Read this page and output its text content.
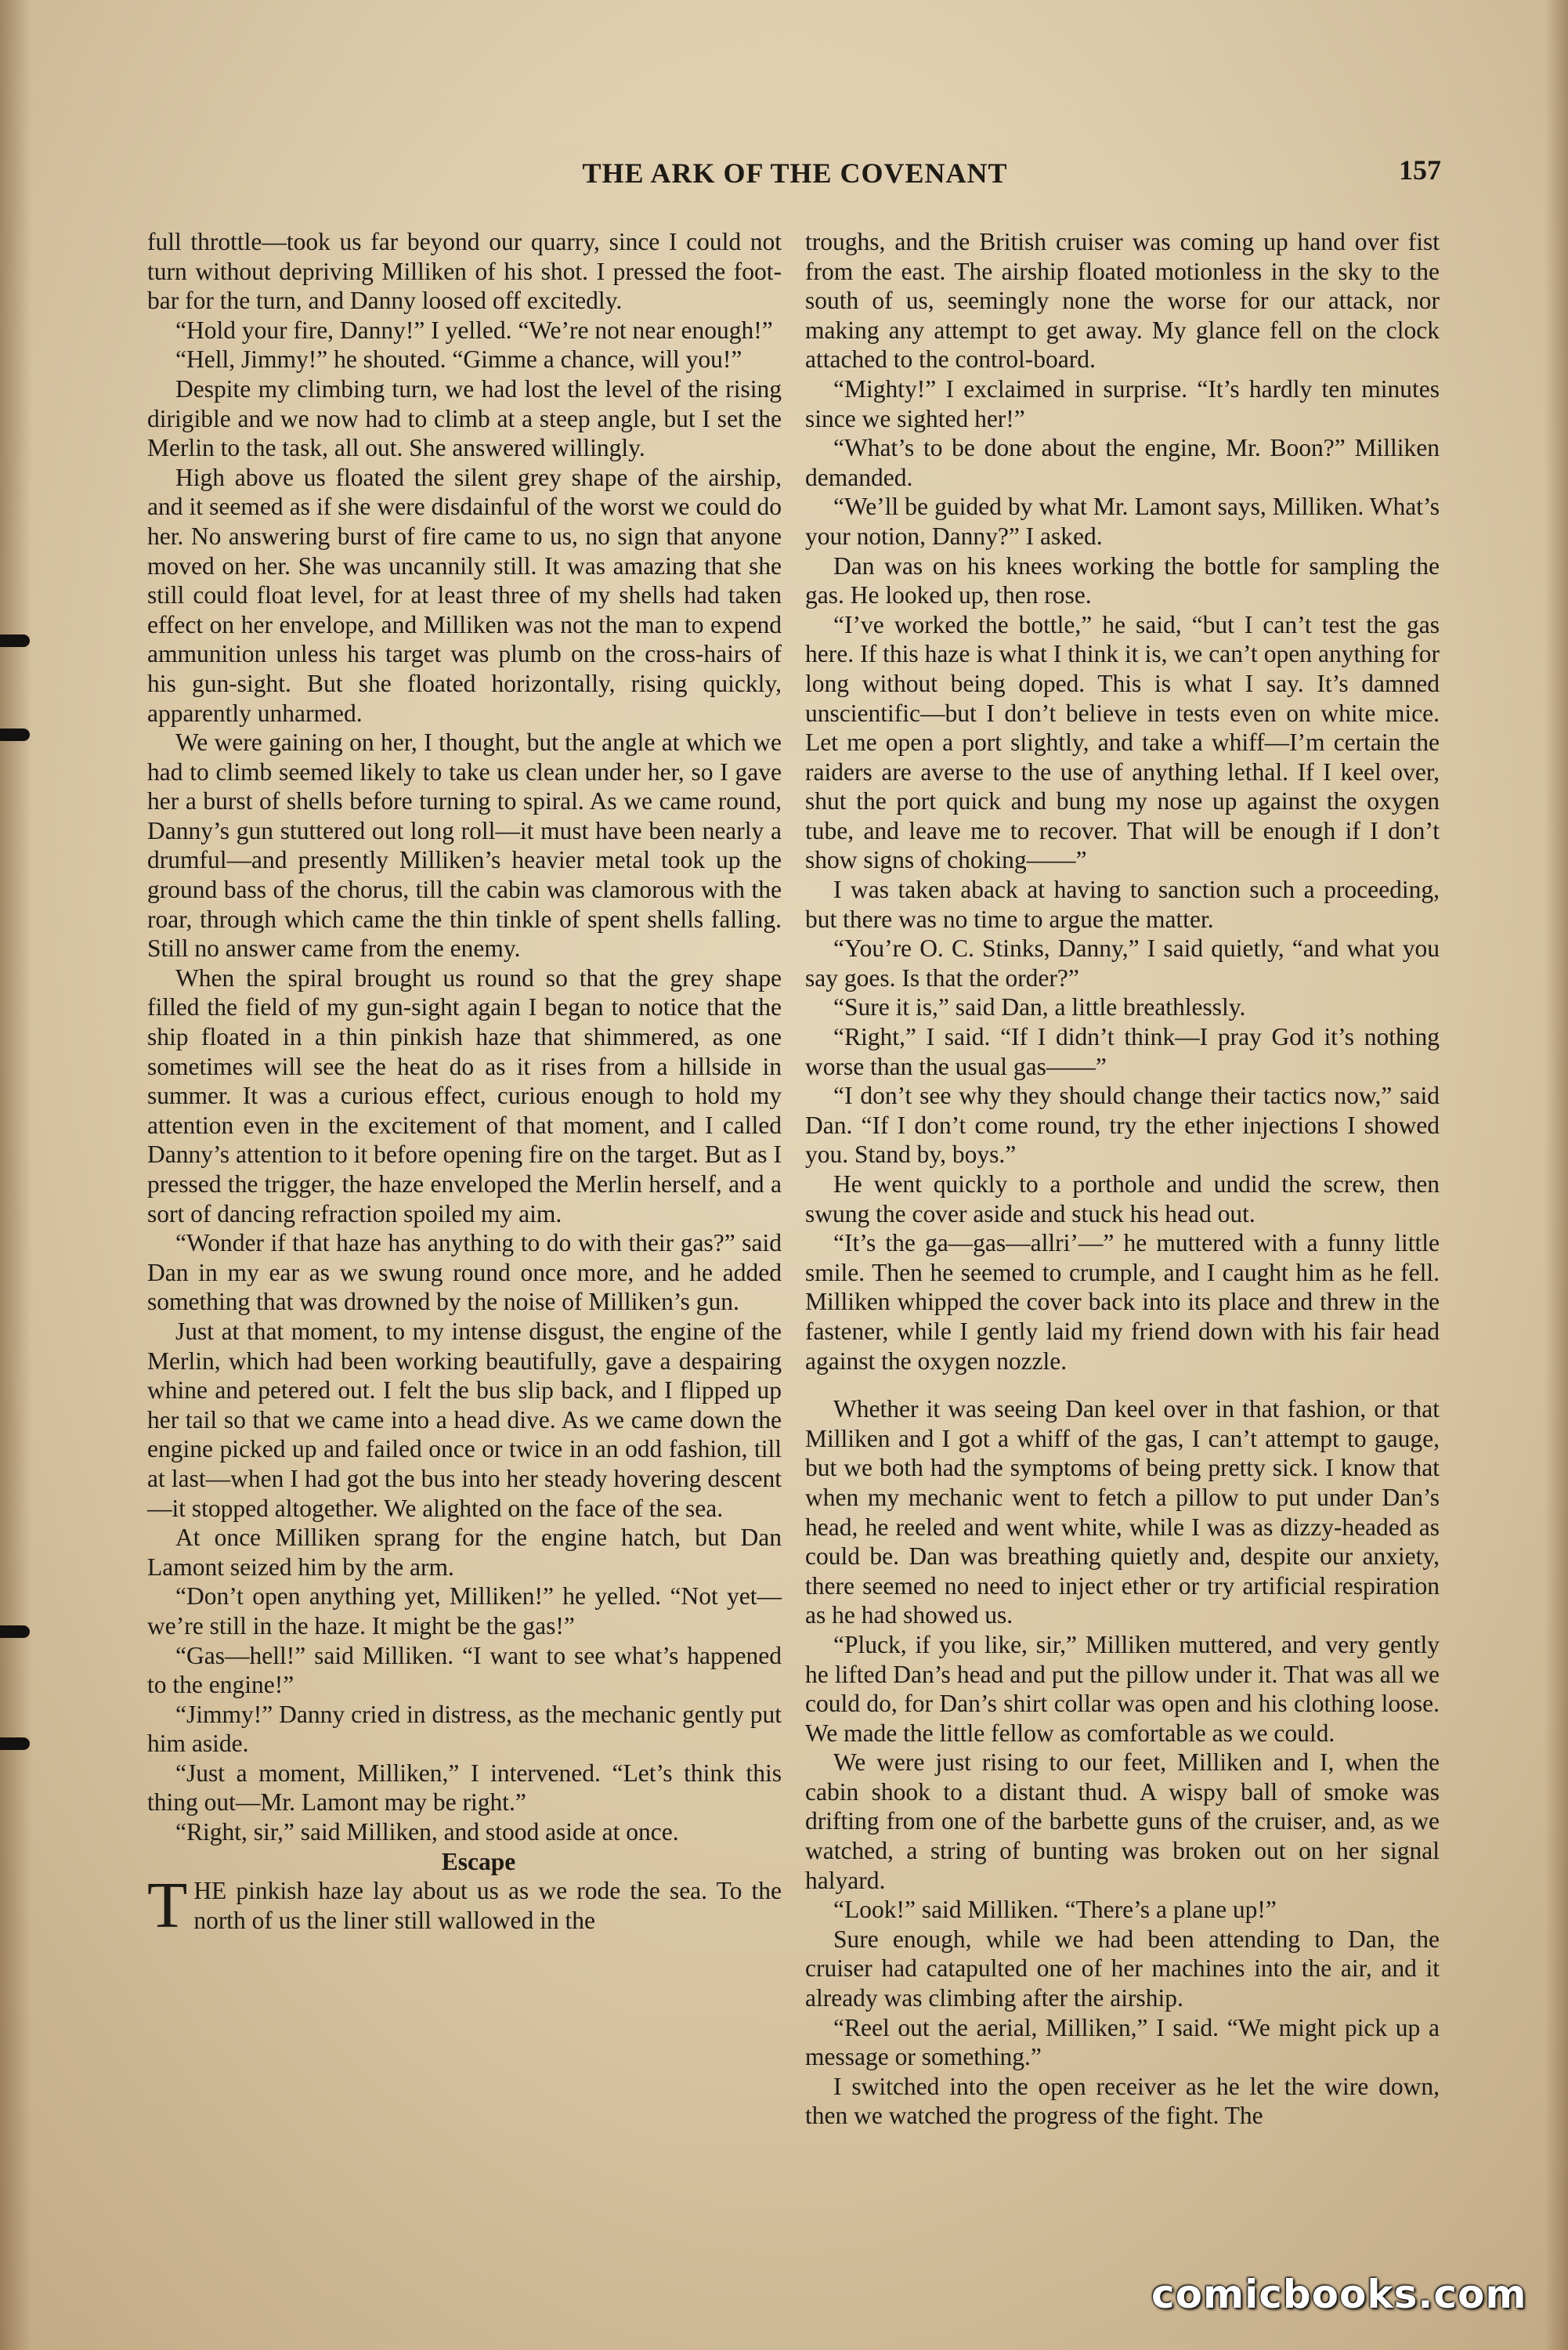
THE ARK OF THE COVENANT	157

full throttle—took us far beyond our quarry, since I could not turn without depriving Milliken of his shot. I pressed the foot-bar for the turn, and Danny loosed off excitedly.

“Hold your fire, Danny!” I yelled. “We’re not near enough!”

“Hell, Jimmy!” he shouted. “Gimme a chance, will you!”

Despite my climbing turn, we had lost the level of the rising dirigible and we now had to climb at a steep angle, but I set the Merlin to the task, all out. She answered willingly.

High above us floated the silent grey shape of the airship, and it seemed as if she were disdainful of the worst we could do her. No answering burst of fire came to us, no sign that anyone moved on her. She was uncannily still. It was amazing that she still could float level, for at least three of my shells had taken effect on her envelope, and Milliken was not the man to expend ammunition unless his target was plumb on the cross-hairs of his gun-sight. But she floated horizontally, rising quickly, apparently unharmed.

We were gaining on her, I thought, but the angle at which we had to climb seemed likely to take us clean under her, so I gave her a burst of shells before turning to spiral. As we came round, Danny’s gun stuttered out long roll—it must have been nearly a drumful—and presently Milliken’s heavier metal took up the ground bass of the chorus, till the cabin was clamorous with the roar, through which came the thin tinkle of spent shells falling. Still no answer came from the enemy.

When the spiral brought us round so that the grey shape filled the field of my gun-sight again I began to notice that the ship floated in a thin pinkish haze that shimmered, as one sometimes will see the heat do as it rises from a hillside in summer. It was a curious effect, curious enough to hold my attention even in the excitement of that moment, and I called Danny’s attention to it before opening fire on the target. But as I pressed the trigger, the haze enveloped the Merlin herself, and a sort of dancing refraction spoiled my aim.

“Wonder if that haze has anything to do with their gas?” said Dan in my ear as we swung round once more, and he added something that was drowned by the noise of Milliken’s gun.

Just at that moment, to my intense disgust, the engine of the Merlin, which had been working beautifully, gave a despairing whine and petered out. I felt the bus slip back, and I flipped up her tail so that we came into a head dive. As we came down the engine picked up and failed once or twice in an odd fashion, till at last—when I had got the bus into her steady hovering descent—it stopped altogether. We alighted on the face of the sea.

At once Milliken sprang for the engine hatch, but Dan Lamont seized him by the arm.

“Don’t open anything yet, Milliken!” he yelled. “Not yet—we’re still in the haze. It might be the gas!”

“Gas—hell!” said Milliken. “I want to see what’s happened to the engine!”

“Jimmy!” Danny cried in distress, as the mechanic gently put him aside.

“Just a moment, Milliken,” I intervened. “Let’s think this thing out—Mr. Lamont may be right.”

“Right, sir,” said Milliken, and stood aside at once.

Escape

THE pinkish haze lay about us as we rode the sea. To the north of us the liner still wallowed in the

troughs, and the British cruiser was coming up hand over fist from the east. The airship floated motionless in the sky to the south of us, seemingly none the worse for our attack, nor making any attempt to get away. My glance fell on the clock attached to the control-board.

“Mighty!” I exclaimed in surprise. “It’s hardly ten minutes since we sighted her!”

“What’s to be done about the engine, Mr. Boon?” Milliken demanded.

“We’ll be guided by what Mr. Lamont says, Milliken. What’s your notion, Danny?” I asked.

Dan was on his knees working the bottle for sampling the gas. He looked up, then rose.

“I’ve worked the bottle,” he said, “but I can’t test the gas here. If this haze is what I think it is, we can’t open anything for long without being doped. This is what I say. It’s damned unscientific—but I don’t believe in tests even on white mice. Let me open a port slightly, and take a whiff—I’m certain the raiders are averse to the use of anything lethal. If I keel over, shut the port quick and bung my nose up against the oxygen tube, and leave me to recover. That will be enough if I don’t show signs of choking——”

I was taken aback at having to sanction such a proceeding, but there was no time to argue the matter.

“You’re O. C. Stinks, Danny,” I said quietly, “and what you say goes. Is that the order?”

“Sure it is,” said Dan, a little breathlessly.

“Right,” I said. “If I didn’t think—I pray God it’s nothing worse than the usual gas——”

“I don’t see why they should change their tactics now,” said Dan. “If I don’t come round, try the ether injections I showed you. Stand by, boys.”

He went quickly to a porthole and undid the screw, then swung the cover aside and stuck his head out.

“It’s the ga—gas—allri’—” he muttered with a funny little smile. Then he seemed to crumple, and I caught him as he fell. Milliken whipped the cover back into its place and threw in the fastener, while I gently laid my friend down with his fair head against the oxygen nozzle.

Whether it was seeing Dan keel over in that fashion, or that Milliken and I got a whiff of the gas, I can’t attempt to gauge, but we both had the symptoms of being pretty sick. I know that when my mechanic went to fetch a pillow to put under Dan’s head, he reeled and went white, while I was as dizzy-headed as could be. Dan was breathing quietly and, despite our anxiety, there seemed no need to inject ether or try artificial respiration as he had showed us.

“Pluck, if you like, sir,” Milliken muttered, and very gently he lifted Dan’s head and put the pillow under it. That was all we could do, for Dan’s shirt collar was open and his clothing loose. We made the little fellow as comfortable as we could.

We were just rising to our feet, Milliken and I, when the cabin shook to a distant thud. A wispy ball of smoke was drifting from one of the barbette guns of the cruiser, and, as we watched, a string of bunting was broken out on her signal halyard.

“Look!” said Milliken. “There’s a plane up!”

Sure enough, while we had been attending to Dan, the cruiser had catapulted one of her machines into the air, and it already was climbing after the airship.

“Reel out the aerial, Milliken,” I said. “We might pick up a message or something.”

I switched into the open receiver as he let the wire down, then we watched the progress of the fight. The

comicbooks.com
